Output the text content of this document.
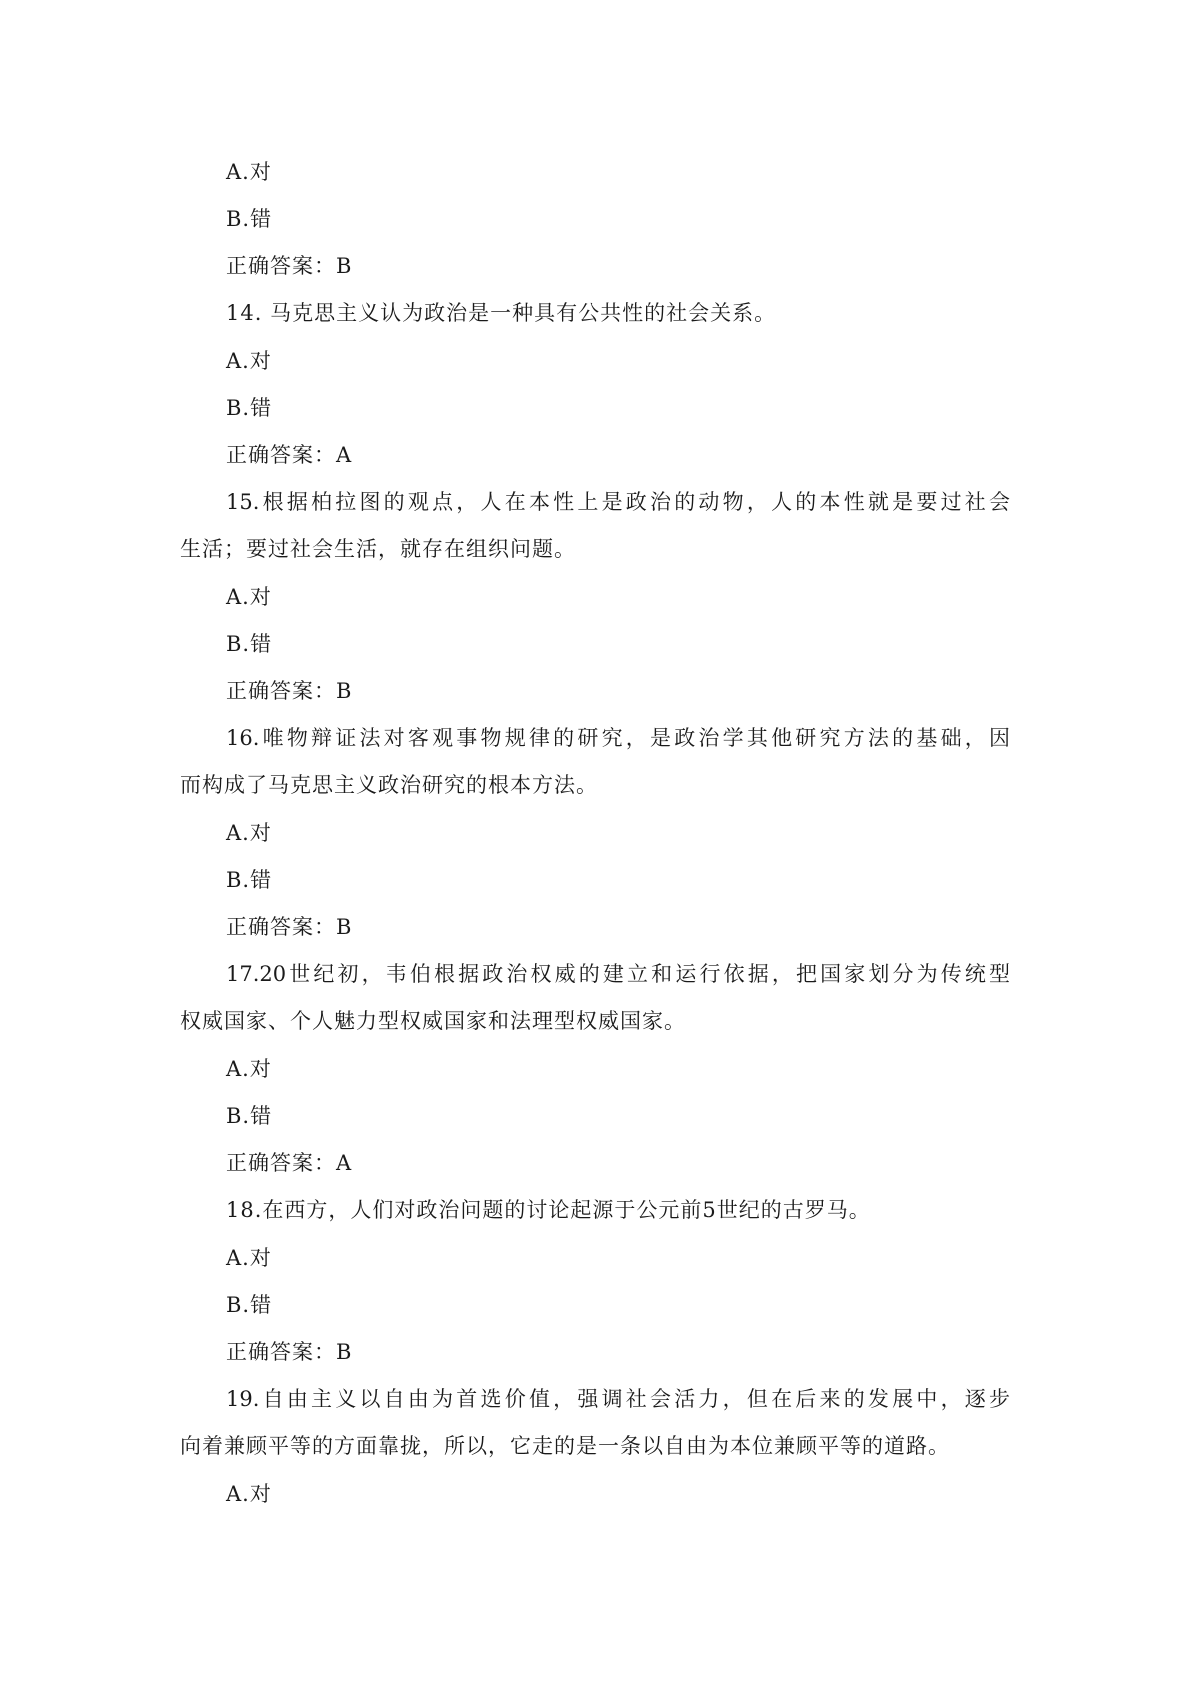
A.对
B.错
正确答案：B
14. 马克思主义认为政治是一种具有公共性的社会关系。
A.对
B.错
正确答案：A
15.根据柏拉图的观点，人在本性上是政治的动物，人的本性就是要过社会
生活；要过社会生活，就存在组织问题。
A.对
B.错
正确答案：B
16.唯物辩证法对客观事物规律的研究，是政治学其他研究方法的基础，因
而构成了马克思主义政治研究的根本方法。
A.对
B.错
正确答案：B
17.20世纪初，韦伯根据政治权威的建立和运行依据，把国家划分为传统型
权威国家、个人魅力型权威国家和法理型权威国家。
A.对
B.错
正确答案：A
18.在西方，人们对政治问题的讨论起源于公元前5世纪的古罗马。
A.对
B.错
正确答案：B
19.自由主义以自由为首选价值，强调社会活力，但在后来的发展中，逐步
向着兼顾平等的方面靠拢，所以，它走的是一条以自由为本位兼顾平等的道路。
A.对
